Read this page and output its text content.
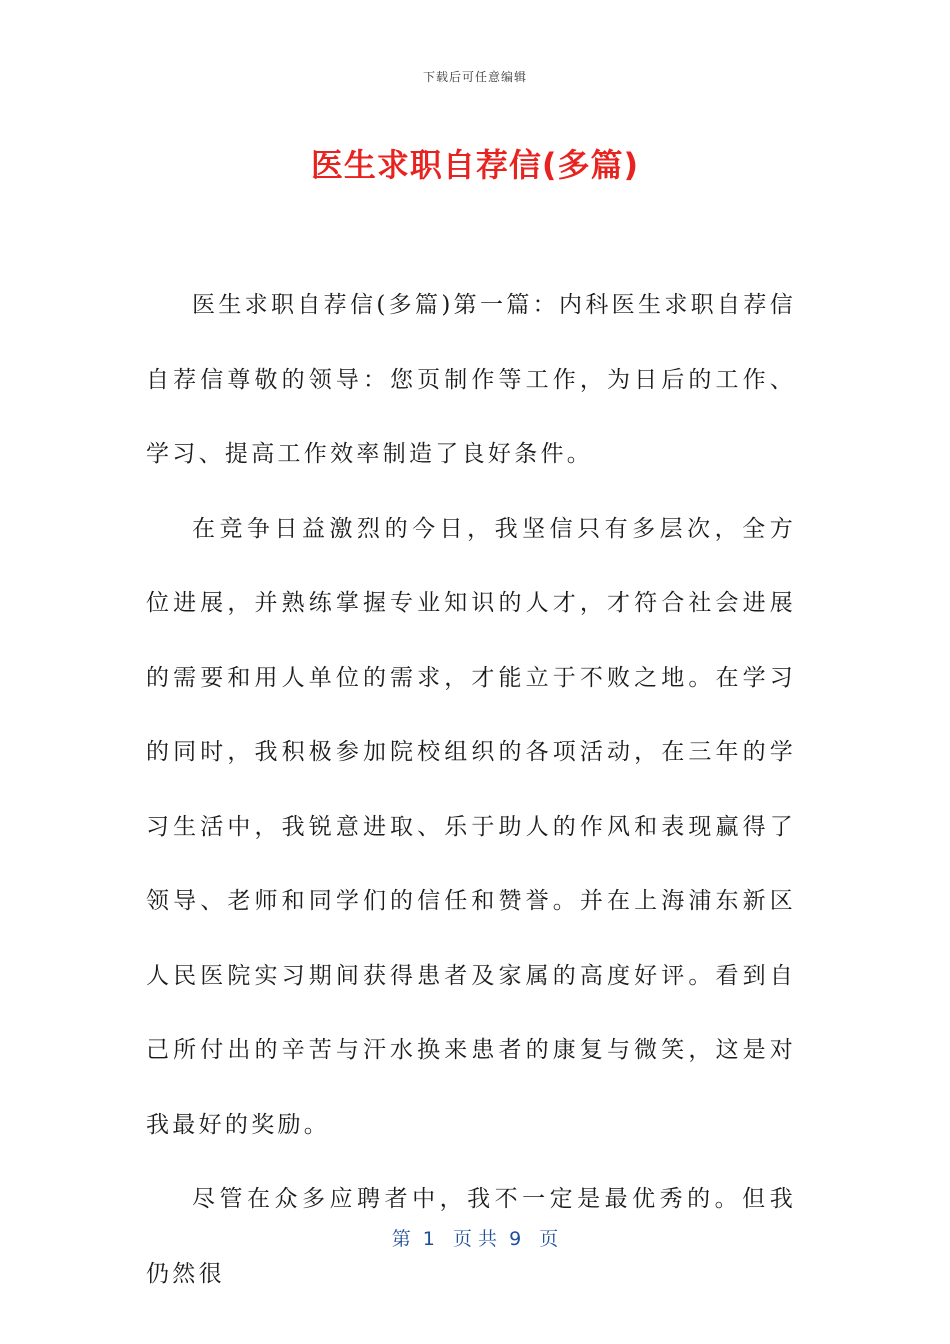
下载后可任意编辑
医生求职自荐信(多篇)

医生求职自荐信(多篇)第一篇：内科医生求职自荐信自荐信尊敬的领导：您页制作等工作，为日后的工作、学习、提高工作效率制造了良好条件。

在竞争日益激烈的今日，我坚信只有多层次，全方位进展，并熟练掌握专业知识的人才，才符合社会进展的需要和用人单位的需求，才能立于不败之地。在学习的同时，我积极参加院校组织的各项活动，在三年的学习生活中，我锐意进取、乐于助人的作风和表现赢得了领导、老师和同学们的信任和赞誉。并在上海浦东新区人民医院实习期间获得患者及家属的高度好评。看到自己所付出的辛苦与汗水换来患者的康复与微笑，这是对我最好的奖励。

尽管在众多应聘者中，我不一定是最优秀的。但我仍然很

第  1   页 共  9   页
